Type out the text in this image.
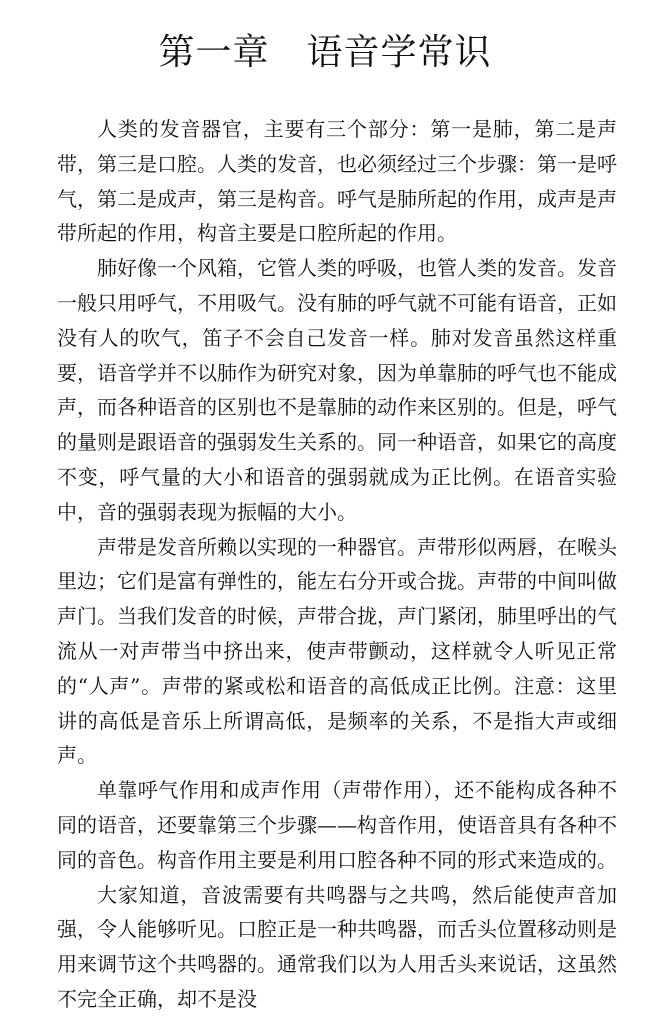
第一章　语音学常识

人类的发音器官，主要有三个部分：第一是肺，第二是声带，第三是口腔。人类的发音，也必须经过三个步骤：第一是呼气，第二是成声，第三是构音。呼气是肺所起的作用，成声是声带所起的作用，构音主要是口腔所起的作用。

肺好像一个风箱，它管人类的呼吸，也管人类的发音。发音一般只用呼气，不用吸气。没有肺的呼气就不可能有语音，正如没有人的吹气，笛子不会自己发音一样。肺对发音虽然这样重要，语音学并不以肺作为研究对象，因为单靠肺的呼气也不能成声，而各种语音的区别也不是靠肺的动作来区别的。但是，呼气的量则是跟语音的强弱发生关系的。同一种语音，如果它的高度不变，呼气量的大小和语音的强弱就成为正比例。在语音实验中，音的强弱表现为振幅的大小。

声带是发音所赖以实现的一种器官。声带形似两唇，在喉头里边；它们是富有弹性的，能左右分开或合拢。声带的中间叫做声门。当我们发音的时候，声带合拢，声门紧闭，肺里呼出的气流从一对声带当中挤出来，使声带颤动，这样就令人听见正常的“人声”。声带的紧或松和语音的高低成正比例。注意：这里讲的高低是音乐上所谓高低，是频率的关系，不是指大声或细声。

单靠呼气作用和成声作用（声带作用），还不能构成各种不同的语音，还要靠第三个步骤——构音作用，使语音具有各种不同的音色。构音作用主要是利用口腔各种不同的形式来造成的。

大家知道，音波需要有共鸣器与之共鸣，然后能使声音加强，令人能够听见。口腔正是一种共鸣器，而舌头位置移动则是用来调节这个共鸣器的。通常我们以为人用舌头来说话，这虽然不完全正确，却不是没
